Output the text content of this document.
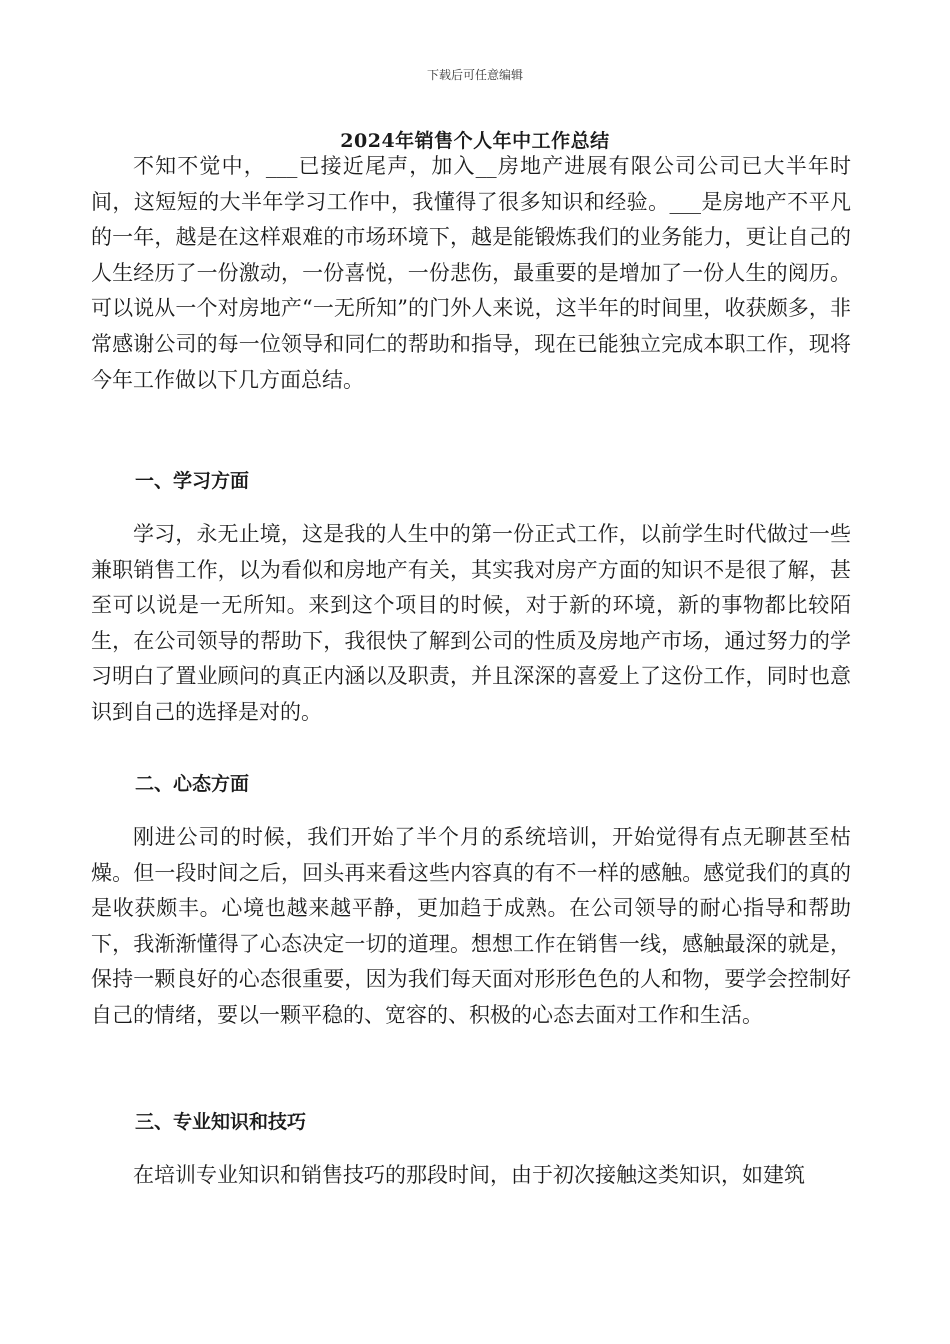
下载后可任意编辑
2024年销售个人年中工作总结

不知不觉中，___已接近尾声，加入__房地产进展有限公司公司已大半年时间，这短短的大半年学习工作中，我懂得了很多知识和经验。___是房地产不平凡的一年，越是在这样艰难的市场环境下，越是能锻炼我们的业务能力，更让自己的人生经历了一份激动，一份喜悦，一份悲伤，最重要的是增加了一份人生的阅历。可以说从一个对房地产“一无所知”的门外人来说，这半年的时间里，收获颇多，非常感谢公司的每一位领导和同仁的帮助和指导，现在已能独立完成本职工作，现将今年工作做以下几方面总结。

一、学习方面

学习，永无止境，这是我的人生中的第一份正式工作，以前学生时代做过一些兼职销售工作，以为看似和房地产有关，其实我对房产方面的知识不是很了解，甚至可以说是一无所知。来到这个项目的时候，对于新的环境，新的事物都比较陌生，在公司领导的帮助下，我很快了解到公司的性质及房地产市场，通过努力的学习明白了置业顾问的真正内涵以及职责，并且深深的喜爱上了这份工作，同时也意识到自己的选择是对的。

二、心态方面

刚进公司的时候，我们开始了半个月的系统培训，开始觉得有点无聊甚至枯燥。但一段时间之后，回头再来看这些内容真的有不一样的感触。感觉我们的真的是收获颇丰。心境也越来越平静，更加趋于成熟。在公司领导的耐心指导和帮助下，我渐渐懂得了心态决定一切的道理。想想工作在销售一线，感触最深的就是，保持一颗良好的心态很重要，因为我们每天面对形形色色的人和物，要学会控制好自己的情绪，要以一颗平稳的、宽容的、积极的心态去面对工作和生活。

三、专业知识和技巧

在培训专业知识和销售技巧的那段时间，由于初次接触这类知识，如建筑
